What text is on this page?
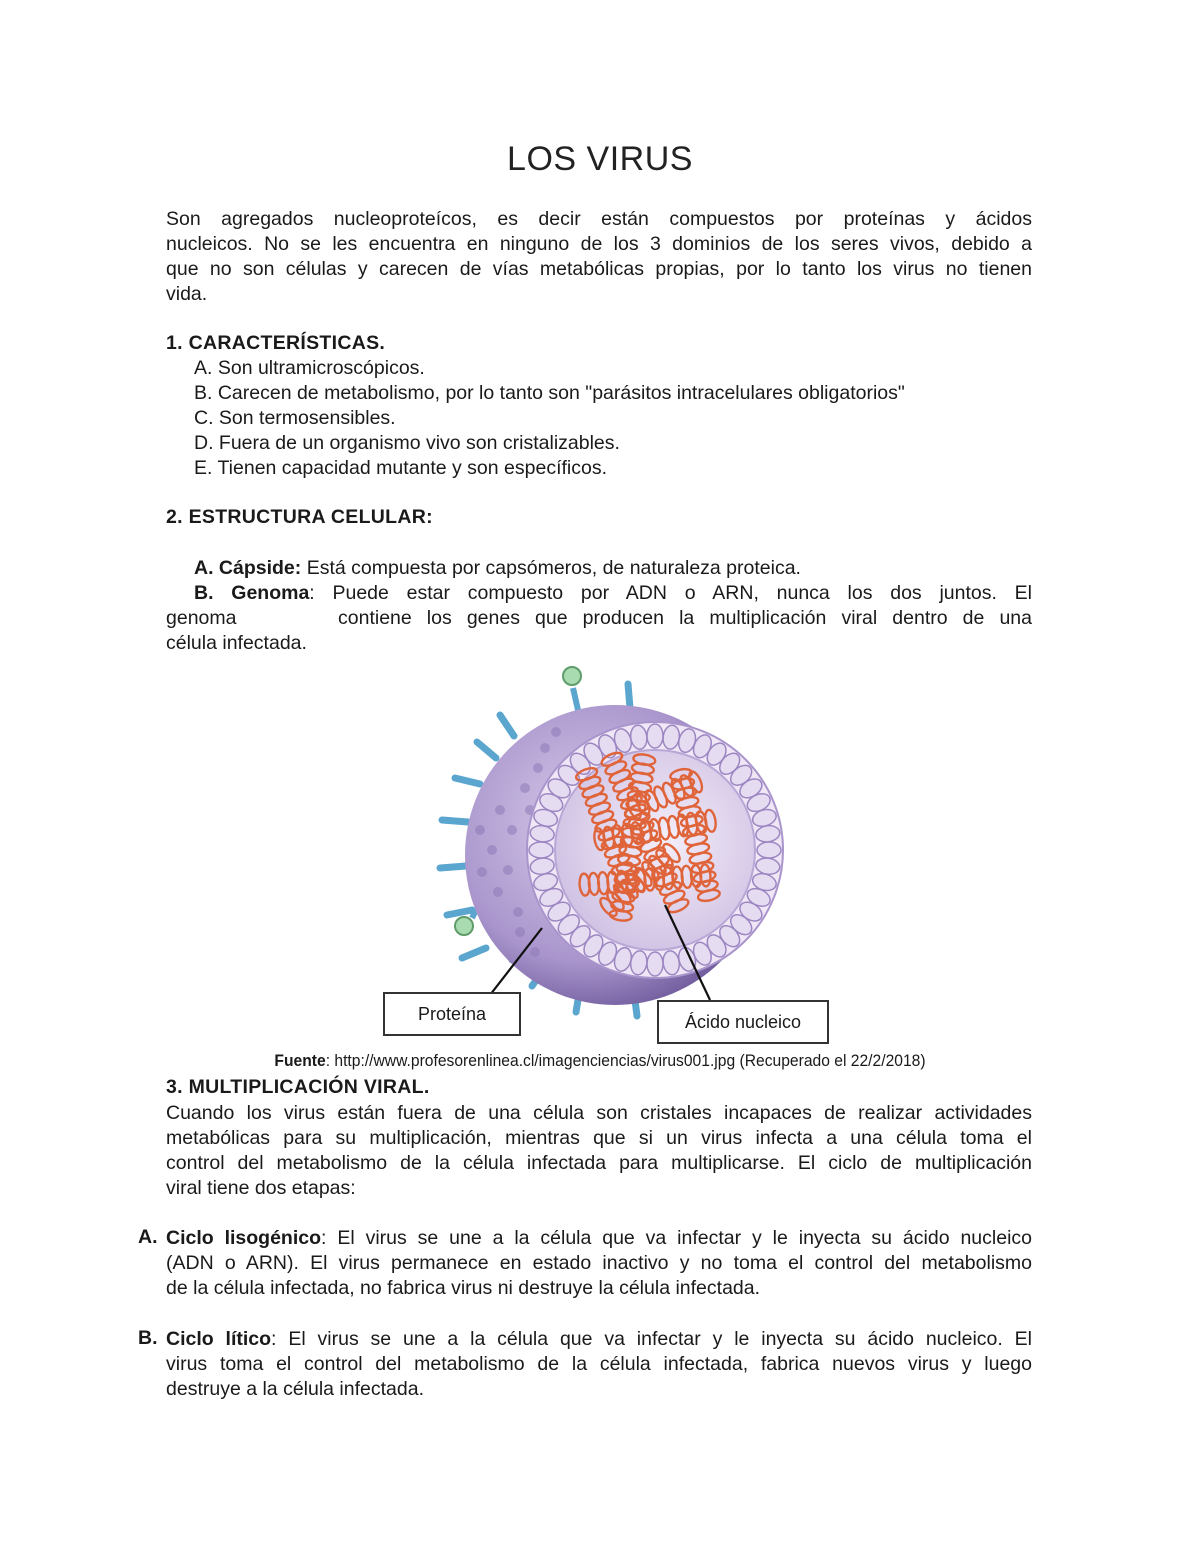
LOS VIRUS
Son agregados nucleoproteícos, es decir están compuestos por proteínas y ácidos
nucleicos. No se les encuentra en ninguno de los 3 dominios de los seres vivos, debido a
que no son células y carecen de vías metabólicas propias, por lo tanto los virus no tienen
vida.
1. CARACTERÍSTICAS.
A. Son ultramicroscópicos.
B. Carecen de metabolismo, por lo tanto son "parásitos intracelulares obligatorios"
C. Son termosensibles.
D. Fuera de un organismo vivo son cristalizables.
E. Tienen capacidad mutante y son específicos.
2. ESTRUCTURA CELULAR:
A. Cápside: Está compuesta por capsómeros, de naturaleza proteica.
B. Genoma: Puede estar compuesto por ADN o ARN, nunca los dos juntos. El
genoma	contiene los genes que producen la multiplicación viral dentro de una
célula infectada.
Proteína	Ácido nucleico
Fuente: http://www.profesorenlinea.cl/imagenciencias/virus001.jpg (Recuperado el 22/2/2018)
3. MULTIPLICACIÓN VIRAL.
Cuando los virus están fuera de una célula son cristales incapaces de realizar actividades
metabólicas para su multiplicación, mientras que si un virus infecta a una célula toma el
control del metabolismo de la célula infectada para multiplicarse. El ciclo de multiplicación
viral tiene dos etapas:
A. Ciclo lisogénico: El virus se une a la célula que va infectar y le inyecta su ácido nucleico
(ADN o ARN). El virus permanece en estado inactivo y no toma el control del metabolismo
de la célula infectada, no fabrica virus ni destruye la célula infectada.
B. Ciclo lítico: El virus se une a la célula que va infectar y le inyecta su ácido nucleico. El
virus toma el control del metabolismo de la célula infectada, fabrica nuevos virus y luego
destruye a la célula infectada.
